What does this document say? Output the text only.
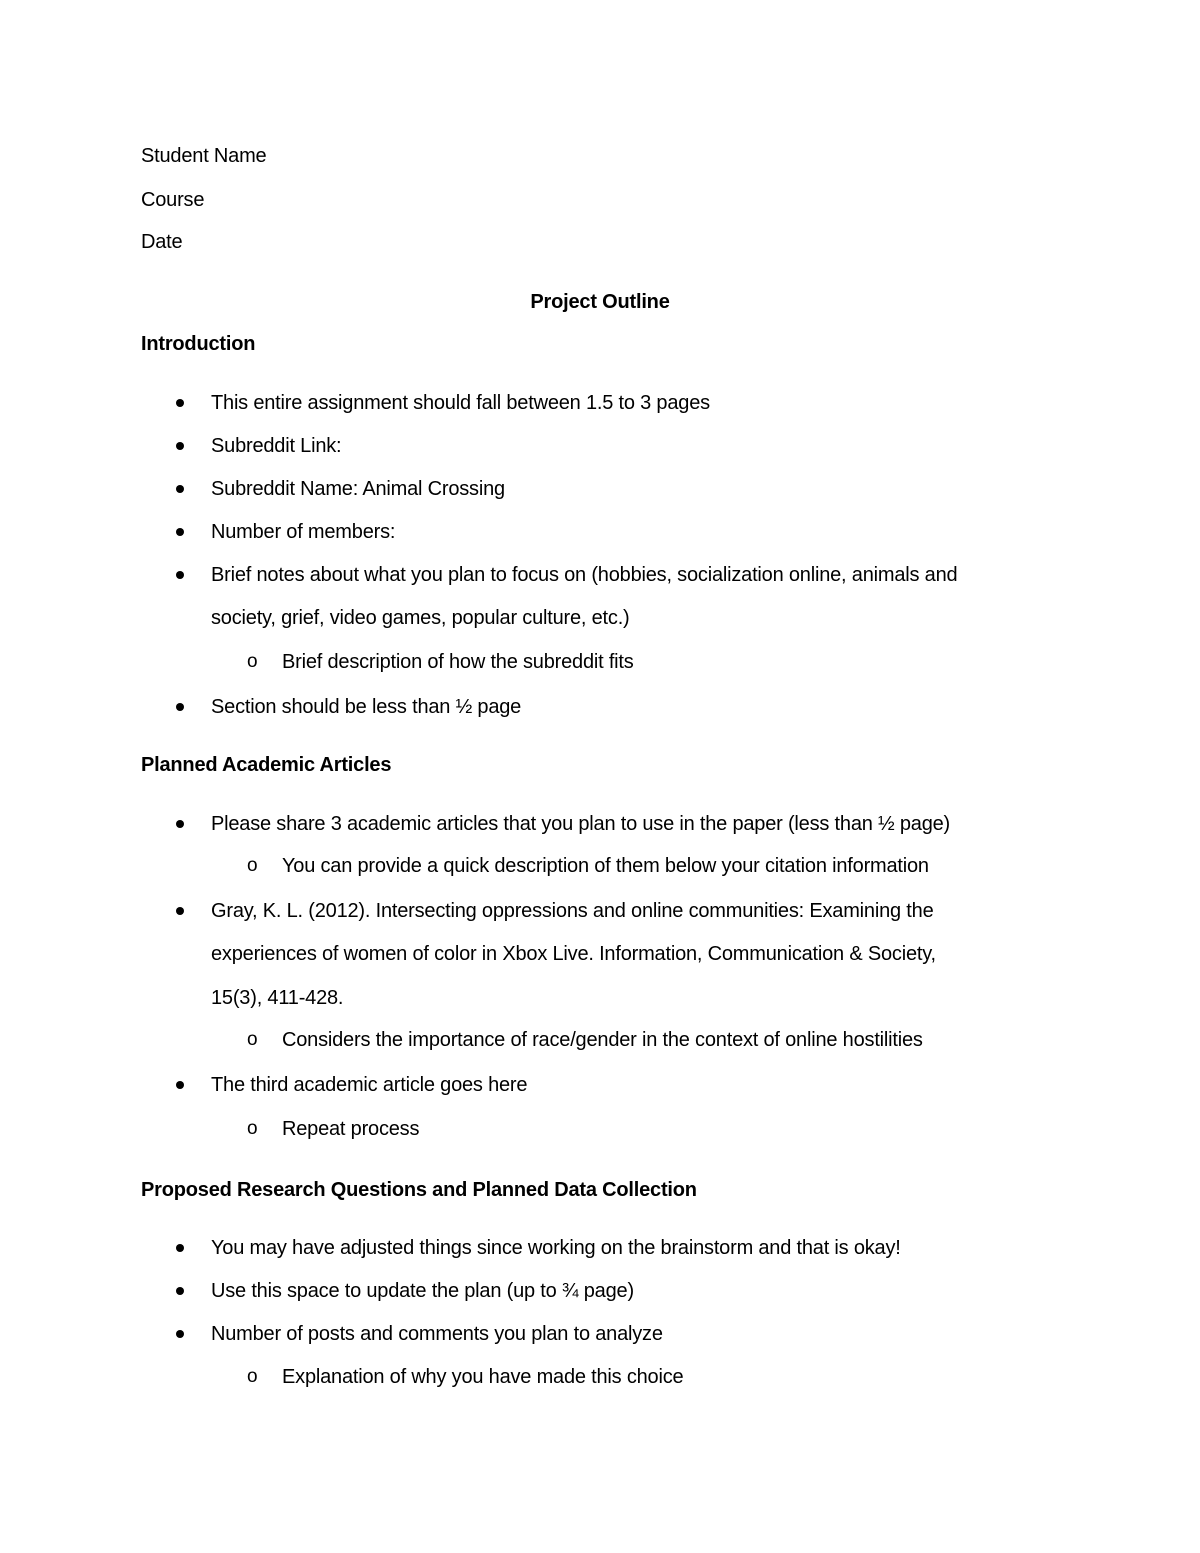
Student Name
Course
Date
Project Outline
Introduction
This entire assignment should fall between 1.5 to 3 pages
Subreddit Link:
Subreddit Name: Animal Crossing
Number of members:
Brief notes about what you plan to focus on (hobbies, socialization online, animals and
society, grief, video games, popular culture, etc.)
o Brief description of how the subreddit fits
Section should be less than ½ page
Planned Academic Articles
Please share 3 academic articles that you plan to use in the paper (less than ½ page)
o You can provide a quick description of them below your citation information
Gray, K. L. (2012). Intersecting oppressions and online communities: Examining the
experiences of women of color in Xbox Live. Information, Communication & Society,
15(3), 411-428.
o Considers the importance of race/gender in the context of online hostilities
The third academic article goes here
o Repeat process
Proposed Research Questions and Planned Data Collection
You may have adjusted things since working on the brainstorm and that is okay!
Use this space to update the plan (up to ¾ page)
Number of posts and comments you plan to analyze
o Explanation of why you have made this choice
